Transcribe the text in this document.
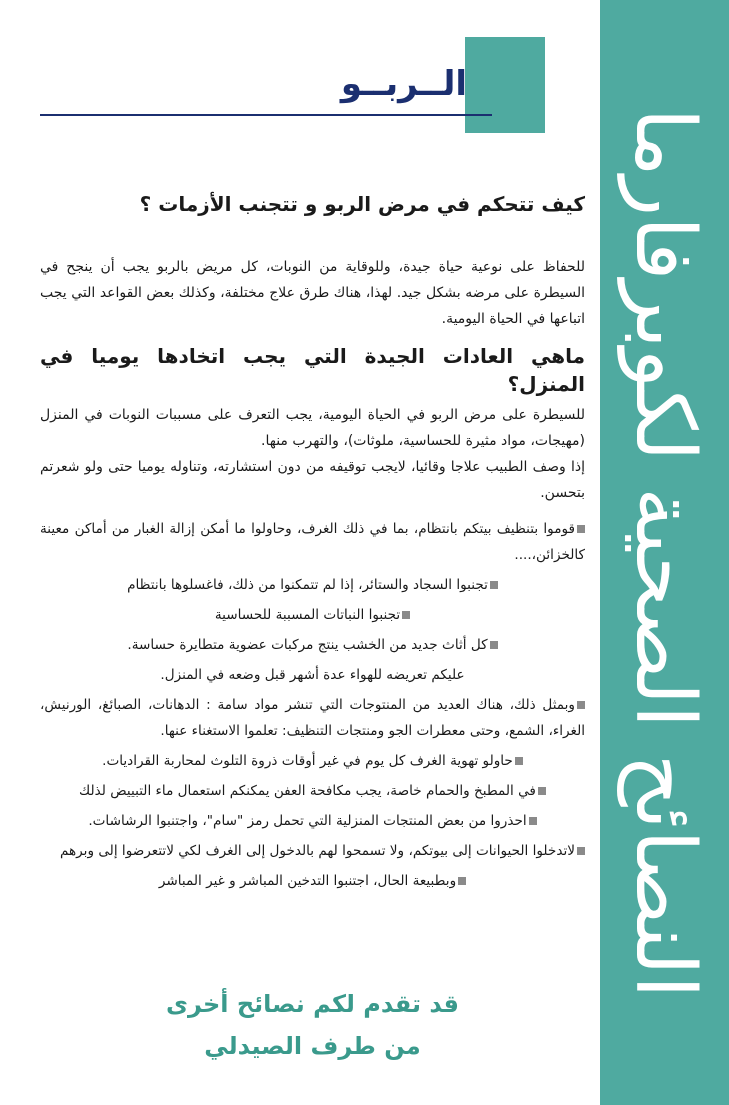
النصائح الصحية لكوبرفارما
الــربــو
كيف تتحكم في مرض الربو و تتجنب الأزمات ؟

للحفاظ على نوعية حياة جيدة، وللوقاية من النوبات، كل مريض بالربو يجب أن ينجح في السيطرة على مرضه بشكل جيد. لهذا، هناك طرق علاج مختلفة، وكذلك بعض القواعد التي يجب اتباعها في الحياة اليومية.

ماهي العادات الجيدة التي يجب اتخادها يوميا في المنزل؟

للسيطرة على مرض الربو في الحياة اليومية، يجب التعرف على مسببات النوبات في المنزل (مهيجات، مواد مثيرة للحساسية، ملوثات)، والتهرب منها.

إذا وصف الطبيب علاجا وقائيا، لايجب توقيفه من دون استشارته، وتناوله يوميا حتى ولو شعرتم بتحسن.

قوموا بتنظيف بيتكم بانتظام، بما في ذلك الغرف، وحاولوا ما أمكن إزالة الغبار من أماكن معينة كالخزائن،....
تجنبوا السجاد والستائر، إذا لم تتمكنوا من ذلك، فاغسلوها بانتظام
تجنبوا النباتات المسببة للحساسية
كل أثاث جديد من الخشب ينتج مركبات عضوية متطايرة حساسة.
عليكم تعريضه للهواء عدة أشهر قبل وضعه في المنزل.
وبمثل ذلك، هناك العديد من المنتوجات التي تنشر مواد سامة : الدهانات، الصبائغ، الورنيش، الغراء، الشمع، وحتى معطرات الجو ومنتجات التنظيف: تعلموا الاستغناء عنها.
حاولو تهوية الغرف كل يوم في غير أوقات ذروة التلوث لمحاربة القراديات.
في المطبخ والحمام خاصة، يجب مكافحة العفن يمكنكم استعمال ماء التبييض لذلك
احذروا من بعض المنتجات المنزلية التي تحمل رمز "سام"، واجتنبوا الرشاشات.
لاتدخلوا الحيوانات إلى بيوتكم، ولا تسمحوا لهم بالدخول إلى الغرف لكي لاتتعرضوا إلى وبرهم
وبطبيعة الحال، اجتنبوا التدخين المباشر و غير المباشر
قد تقدم لكم نصائح أخرى
من طرف الصيدلي
